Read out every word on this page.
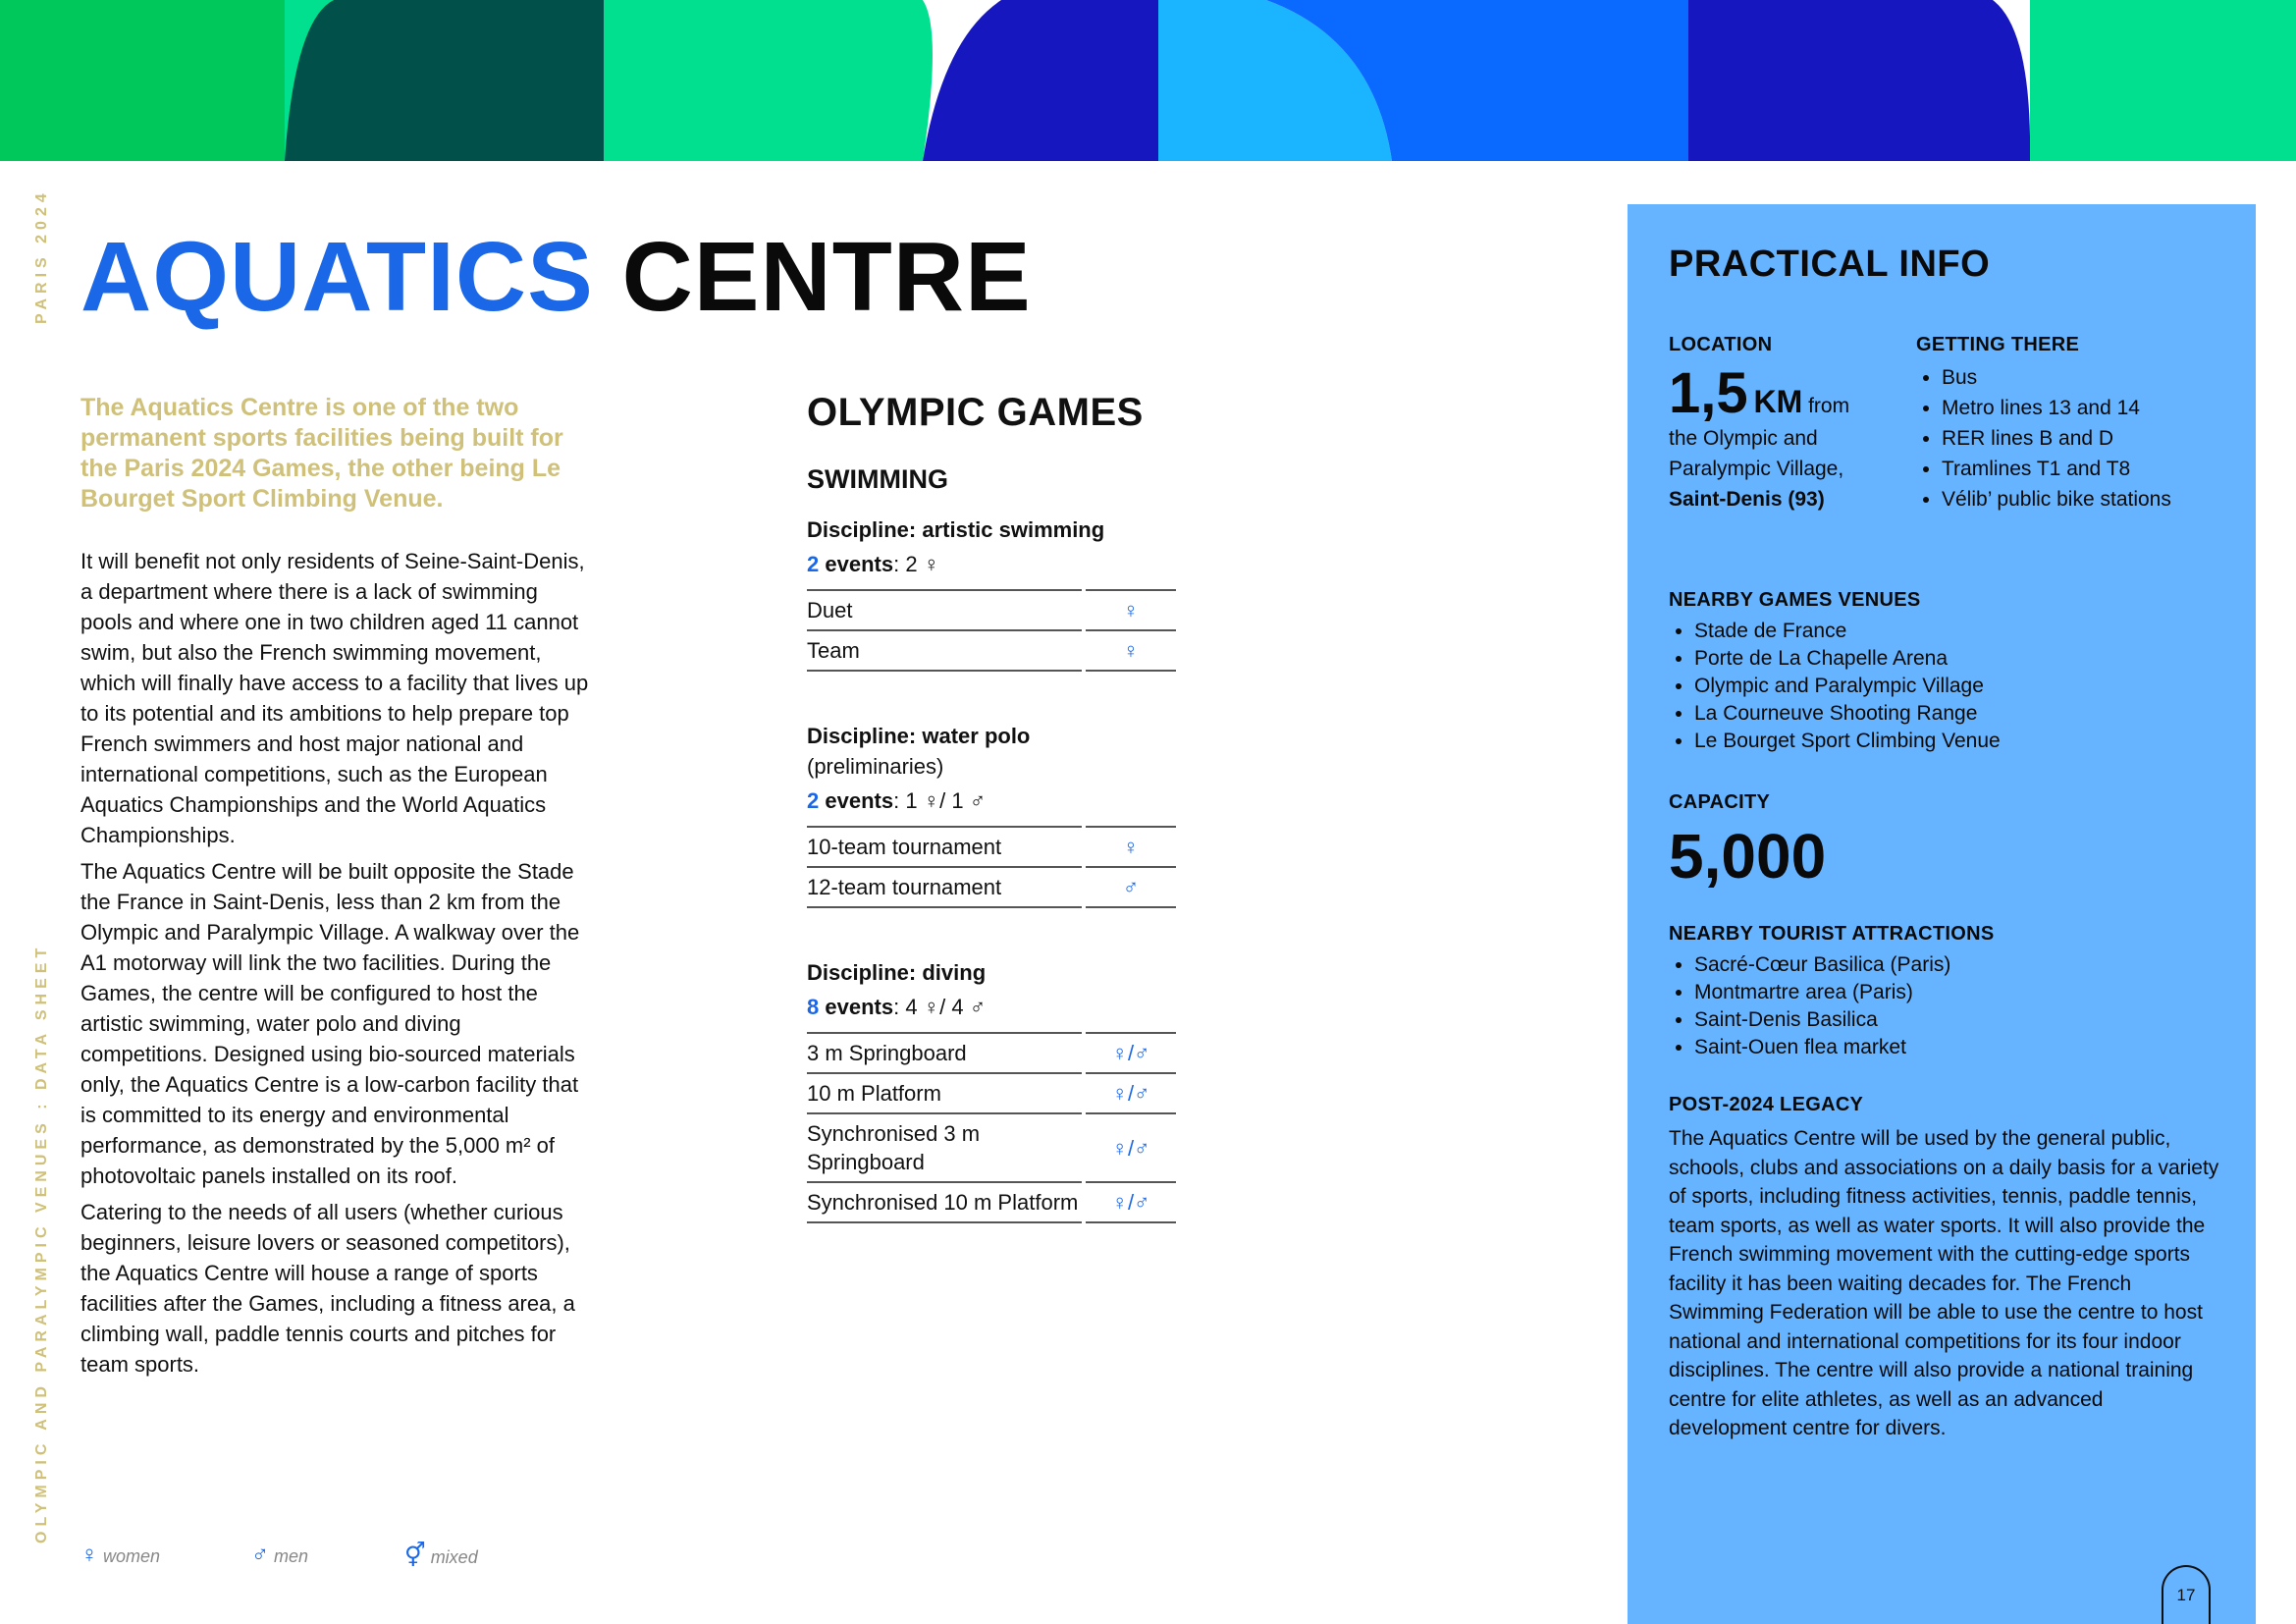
PARIS 2024
OLYMPIC AND PARALYMPIC VENUES : DATA SHEET
AQUATICS CENTRE
The Aquatics Centre is one of the two permanent sports facilities being built for the Paris 2024 Games, the other being Le Bourget Sport Climbing Venue.

It will benefit not only residents of Seine-Saint-Denis, a department where there is a lack of swimming pools and where one in two children aged 11 cannot swim, but also the French swimming movement, which will finally have access to a facility that lives up to its potential and its ambitions to help prepare top French swimmers and host major national and international competitions, such as the European Aquatics Championships and the World Aquatics Championships.

The Aquatics Centre will be built opposite the Stade the France in Saint-Denis, less than 2 km from the Olympic and Paralympic Village. A walkway over the A1 motorway will link the two facilities. During the Games, the centre will be configured to host the artistic swimming, water polo and diving competitions. Designed using bio-sourced materials only, the Aquatics Centre is a low-carbon facility that is committed to its energy and environmental performance, as demonstrated by the 5,000 m² of photovoltaic panels installed on its roof.

Catering to the needs of all users (whether curious beginners, leisure lovers or seasoned competitors), the Aquatics Centre will house a range of sports facilities after the Games, including a fitness area, a climbing wall, paddle tennis courts and pitches for team sports.

OLYMPIC GAMES
SWIMMING
Discipline: artistic swimming
2 events: 2 ♀
Duet	♀
Team	♀
Discipline: water polo
(preliminaries)
2 events: 1 ♀/ 1 ♂
10-team tournament	♀
12-team tournament	♂
Discipline: diving
8 events: 4 ♀/ 4 ♂
3 m Springboard	♀/♂
10 m Platform	♀/♂
Synchronised 3 m Springboard	♀/♂
Synchronised 10 m Platform	♀/♂
♀ women	♂ men	⚥ mixed
PRACTICAL INFO
LOCATION
1,5 KM from the Olympic and Paralympic Village, Saint-Denis (93)
GETTING THERE
• Bus
• Metro lines 13 and 14
• RER lines B and D
• Tramlines T1 and T8
• Vélib’ public bike stations
NEARBY GAMES VENUES
• Stade de France
• Porte de La Chapelle Arena
• Olympic and Paralympic Village
• La Courneuve Shooting Range
• Le Bourget Sport Climbing Venue
CAPACITY
5,000
NEARBY TOURIST ATTRACTIONS
• Sacré-Cœur Basilica (Paris)
• Montmartre area (Paris)
• Saint-Denis Basilica
• Saint-Ouen flea market
POST-2024 LEGACY
The Aquatics Centre will be used by the general public, schools, clubs and associations on a daily basis for a variety of sports, including fitness activities, tennis, paddle tennis, team sports, as well as water sports. It will also provide the French swimming movement with the cutting-edge sports facility it has been waiting decades for. The French Swimming Federation will be able to use the centre to host national and international competitions for its four indoor disciplines. The centre will also provide a national training centre for elite athletes, as well as an advanced development centre for divers.
17
